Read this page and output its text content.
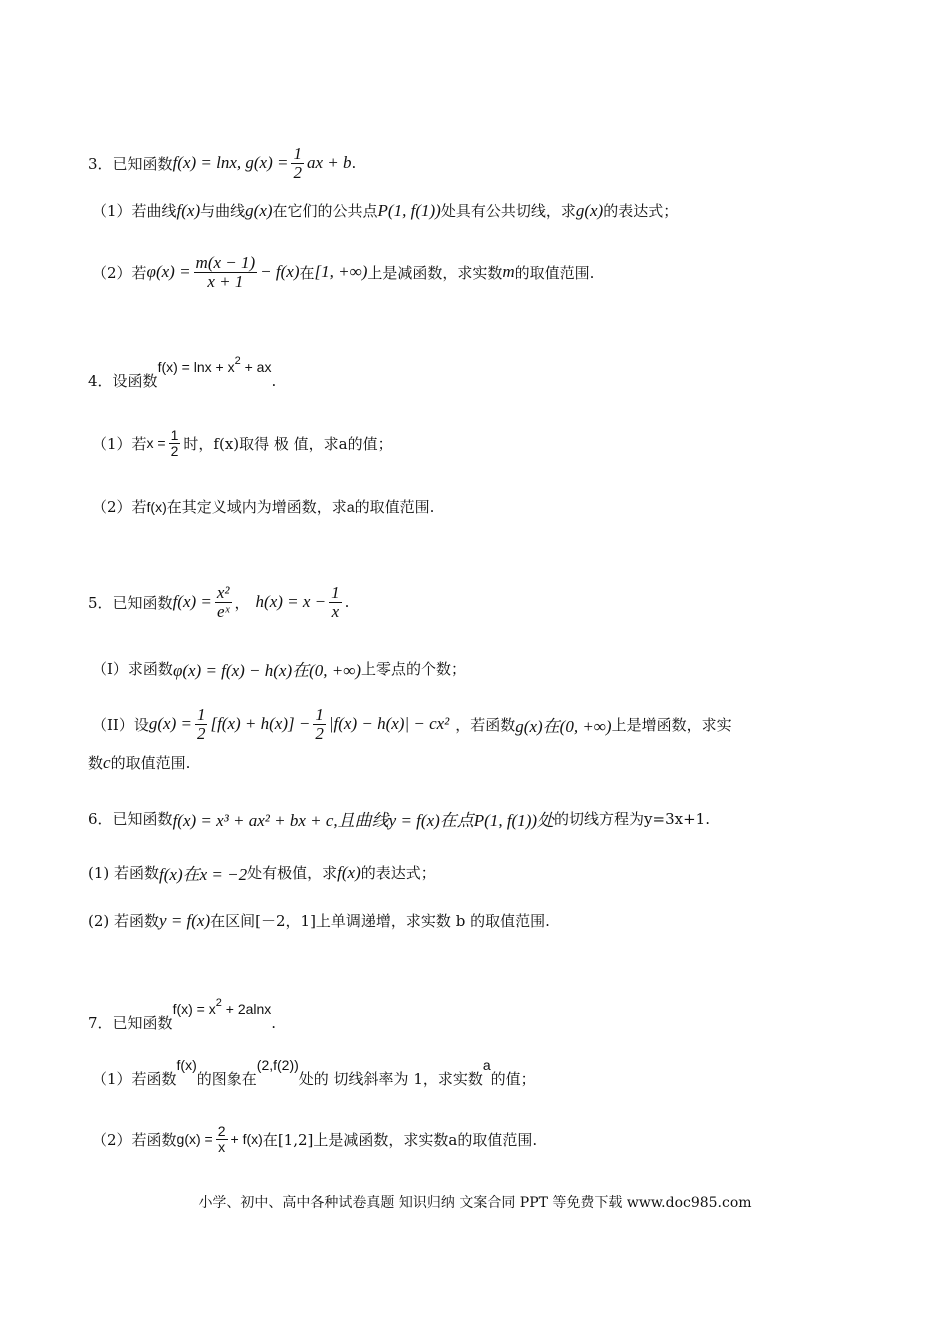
3． 已知函数 f(x) = lnx, $g(x) = \frac{1}{2}$ ax + b .
（1）若曲线 f(x) 与曲线 g(x) 在它们的公共点 P(1, f(1)) 处具有公共切线，求 g(x) 的表达式；
（2）若 $\varphi(x) = \frac{m(x - 1)}{x + 1} - f(x)$ 在 [1, +∞) 上是减函数，求实数 m 的取值范围.
4． 设函数
$f(x) = \ln x + x^2$ + ax
.
（1）若 $x = \frac{1}{2}$ 时，f(x)取得 极 值，求a的值；
（2）若 f(x) 在其定义域内为增函数，求 a 的取值范围.
5． 已知函数 $f(x) = \frac{\text{x²}}{\text{eˣ}}$ ， $h(x) = x - \frac{1}{x}$ .
（I）求函数 φ(x) = f(x) − h(x)在(0, +∞) 上零点的个数；
（II）设 $g(x) = \frac{1}{2} [f(x) + h(x)] - \frac{1}{2} |f(x) - h(x)| - cx^2$ ，若函数 g(x)在(0, +∞) 上是增函数，求实
数 c 的取值范围.
6． 已知函数 f(x) = x³ + ax² + bx + c,且曲线y = f(x)在点P(1, f(1))处 的切线方程为y=3x+1.
(1) 若函数 f(x)在x = −2 处有极值，求 f(x) 的表达式；
(2) 若函数 y = f(x) 在区间[－2，1]上单调递增，求实数 b 的取值范围.
7． 已知函数
$f(x) = x^2 + 2alnx$
.
（1）若函数
f(x)
的图象在
(2,f(2))
处的 切线斜率为 1，求实数
a
的值；
（2）若函数 $g(x) = \frac{2}{x} + f(x)$ 在[1,2]上是减函数，求实数a的取值范围.
小学、初中、高中各种试卷真题 知识归纳 文案合同 PPT 等免费下载 www.doc985.com
